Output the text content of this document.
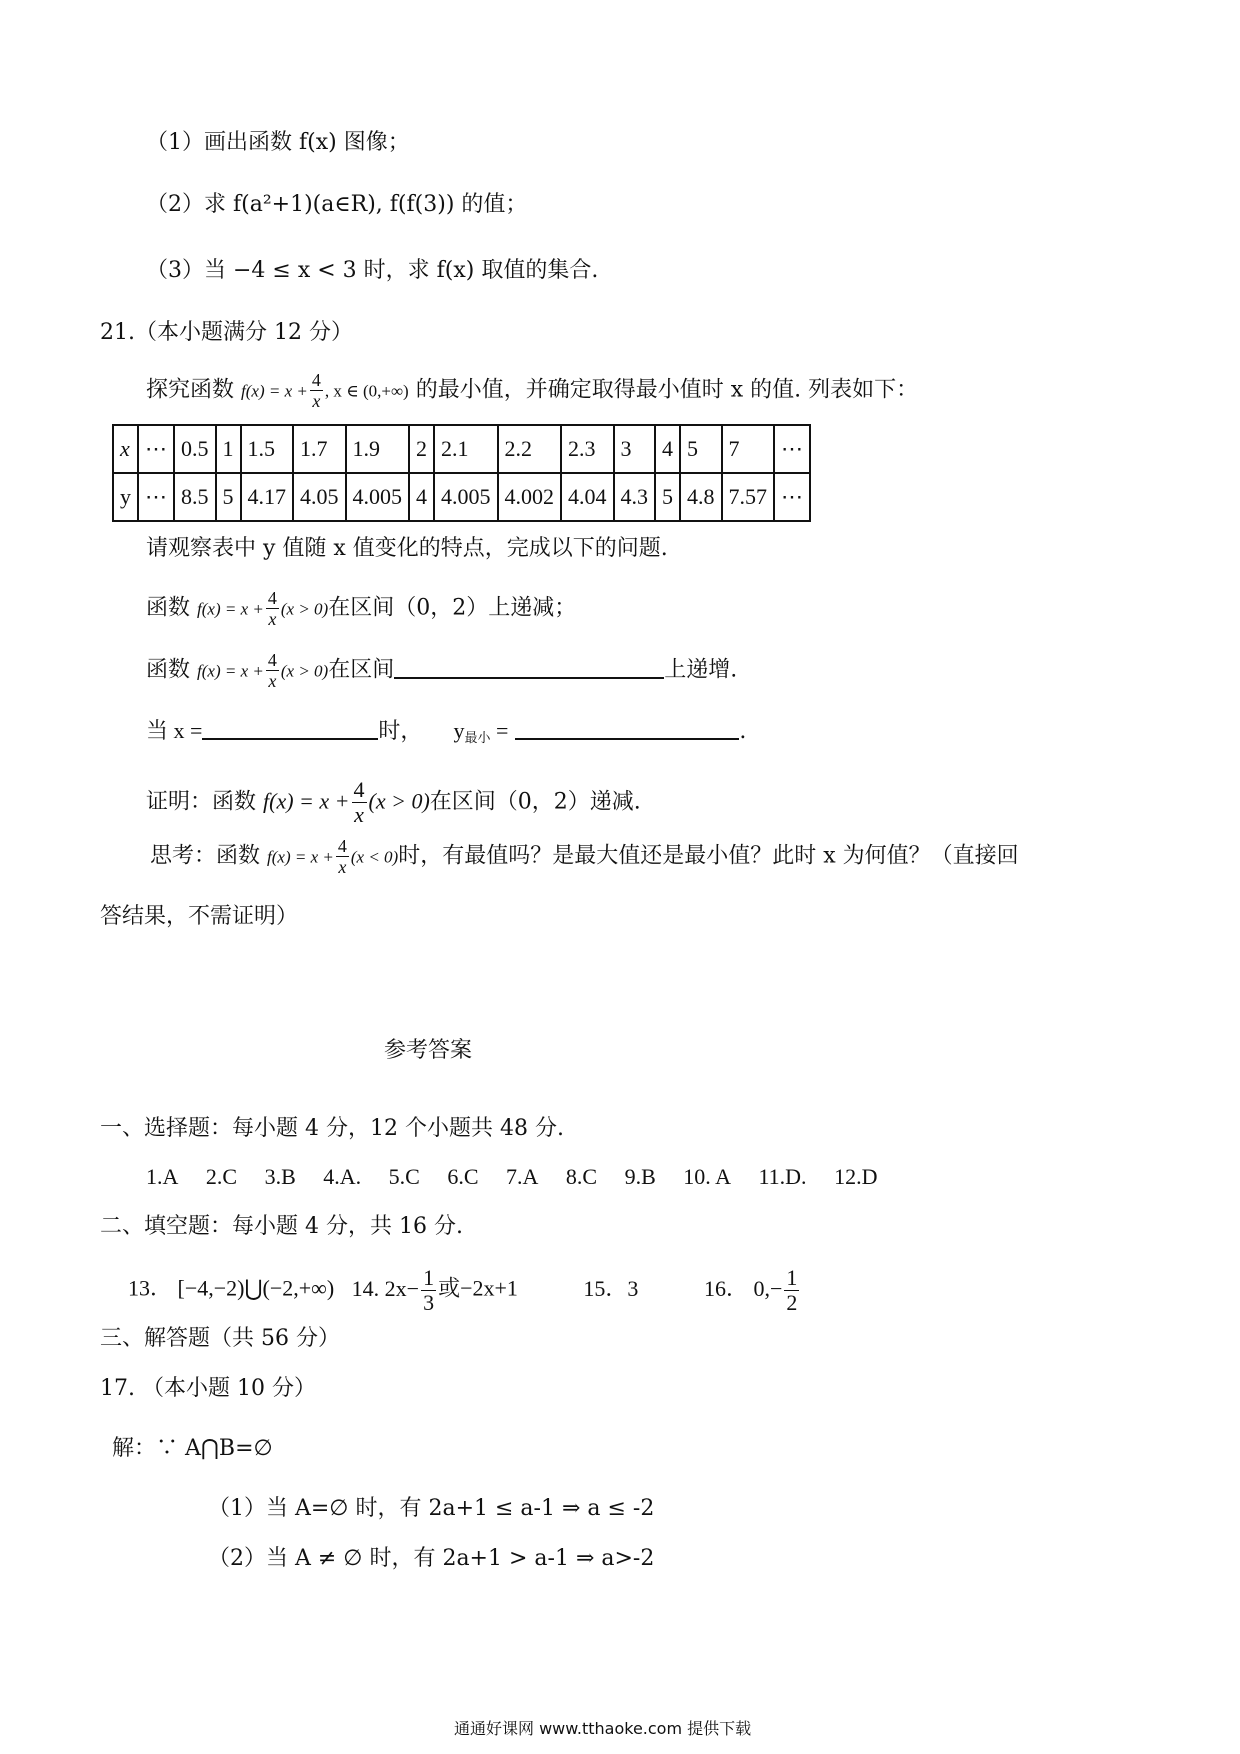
（1）画出函数 f(x) 图像；
（2）求 f(a²+1)(a∈R), f(f(3)) 的值；
（3）当 −4 ≤ x < 3 时，求 f(x) 取值的集合.
21.（本小题满分 12 分）
探究函数 $f(x) = x + \frac{4}{x}$ , x ∈ (0,+∞) 的最小值，并确定取得最小值时 x 的值. 列表如下：
x	⋯	0.5	1	1.5	1.7	1.9	2	2.1	2.2	2.3	3	4	5	7	⋯
y	⋯	8.5	5	4.17	4.05	4.005	4	4.005	4.002	4.04	4.3	5	4.8	7.57	⋯
请观察表中 y 值随 x 值变化的特点，完成以下的问题.
函数 $f(x) = x + \frac{4}{x} (x > 0)$在区间（0，2）上递减；
函数 $f(x) = x + \frac{4}{x} (x > 0)$在区间	上递增.
当 x =	时， $y_{最小}$ =	.
证明：函数 $f(x) = x + \frac{4}{x} (x > 0)$在区间（0，2）递减.
思考：函数 $f(x) = x + \frac{4}{x} (x < 0)$时，有最值吗？是最大值还是最小值？此时 x 为何值？（直接回
答结果，不需证明）
参考答案
一、选择题：每小题 4 分，12 个小题共 48 分.
1.A 2.C 3.B 4.A. 5.C 6.C 7.A 8.C 9.B 10. A 11.D. 12.D
二、填空题：每小题 4 分，共 16 分.
13． [−4,−2)⋃(−2,+∞) 14. $2x- \frac{1}{3}$ 或−2x+1	15．3	16． $0,- \frac{1}{2}$
三、解答题（共 56 分）
17. （本小题 10 分）
解：∵ A⋂B=∅
（1）当 A=∅ 时，有 2a+1 ≤ a-1 ⇒ a ≤ -2
（2）当 A ≠ ∅ 时，有 2a+1 > a-1 ⇒ a>-2
通通好课网 www.tthaoke.com 提供下载
